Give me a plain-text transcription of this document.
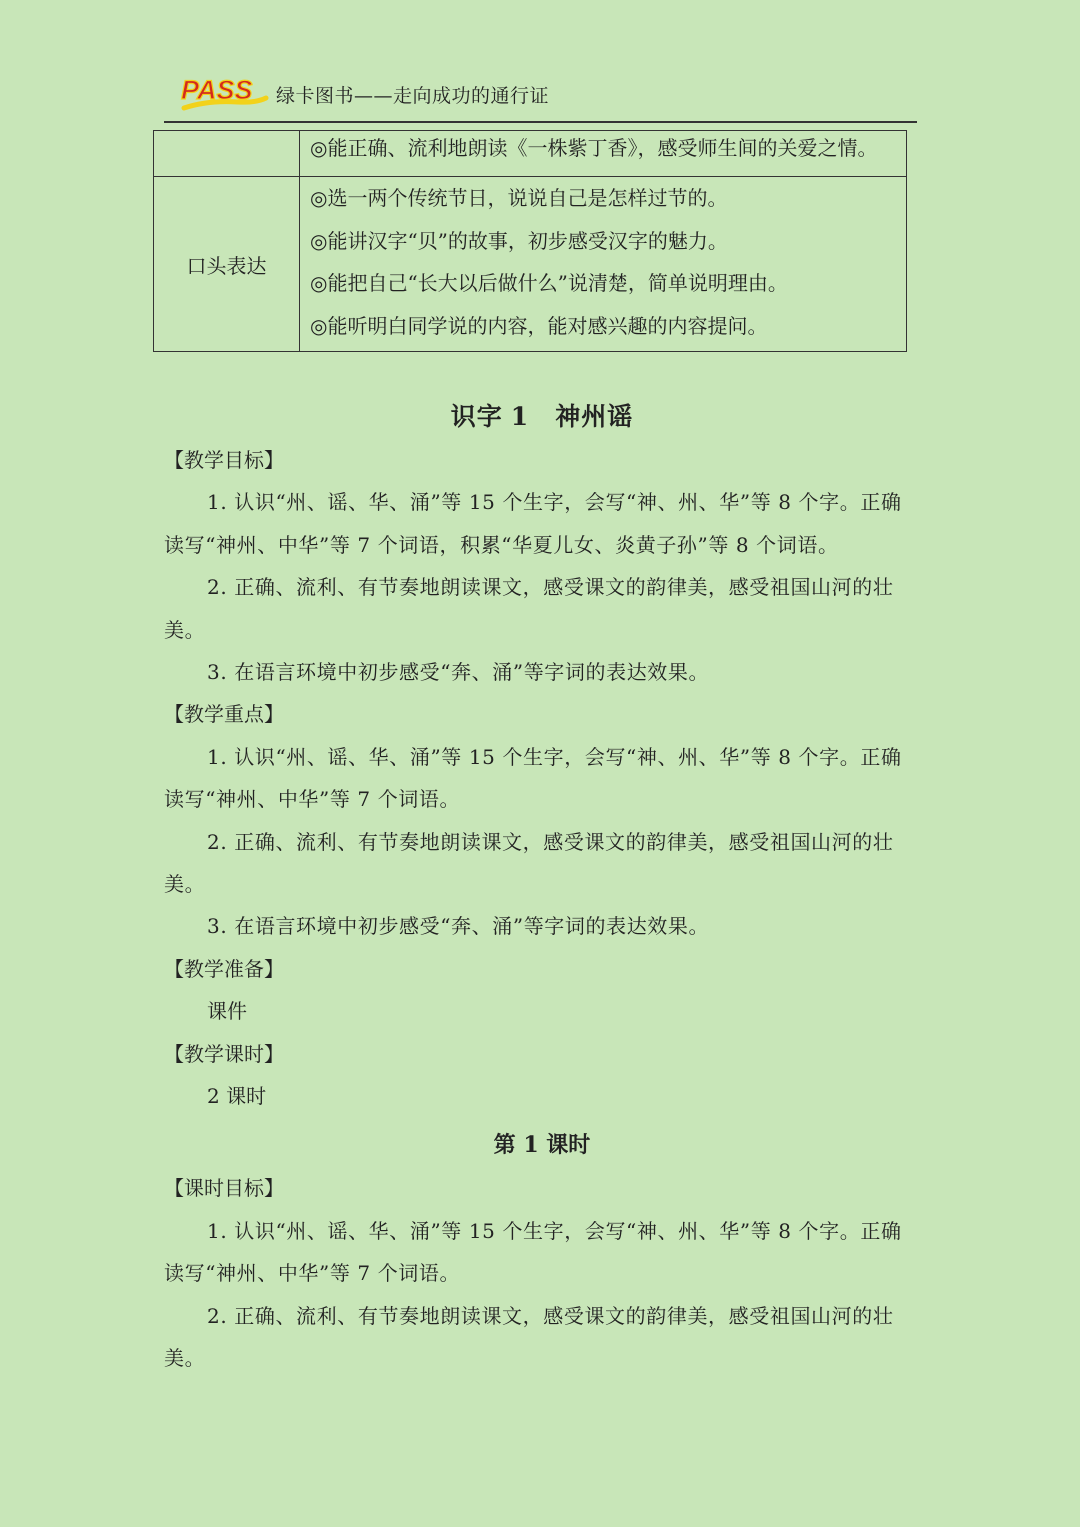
PASS 绿卡图书——走向成功的通行证

	◎能正确、流利地朗读《一株紫丁香》，感受师生间的关爱之情。

口头表达	◎选一两个传统节日，说说自己是怎样过节的。
◎能讲汉字“贝”的故事，初步感受汉字的魅力。
◎能把自己“长大以后做什么”说清楚，简单说明理由。
◎能听明白同学说的内容，能对感兴趣的内容提问。
识字 1 神州谣
【教学目标】
1. 认识“州、谣、华、涌”等 15 个生字，会写“神、州、华”等 8 个字。正确读写“神州、中华”等 7 个词语，积累“华夏儿女、炎黄子孙”等 8 个词语。
2. 正确、流利、有节奏地朗读课文，感受课文的韵律美，感受祖国山河的壮美。
3. 在语言环境中初步感受“奔、涌”等字词的表达效果。
【教学重点】
1. 认识“州、谣、华、涌”等 15 个生字，会写“神、州、华”等 8 个字。正确读写“神州、中华”等 7 个词语。
2. 正确、流利、有节奏地朗读课文，感受课文的韵律美，感受祖国山河的壮美。
3. 在语言环境中初步感受“奔、涌”等字词的表达效果。
【教学准备】
课件
【教学课时】
2 课时
第 1 课时
【课时目标】
1. 认识“州、谣、华、涌”等 15 个生字，会写“神、州、华”等 8 个字。正确读写“神州、中华”等 7 个词语。
2. 正确、流利、有节奏地朗读课文，感受课文的韵律美，感受祖国山河的壮美。
